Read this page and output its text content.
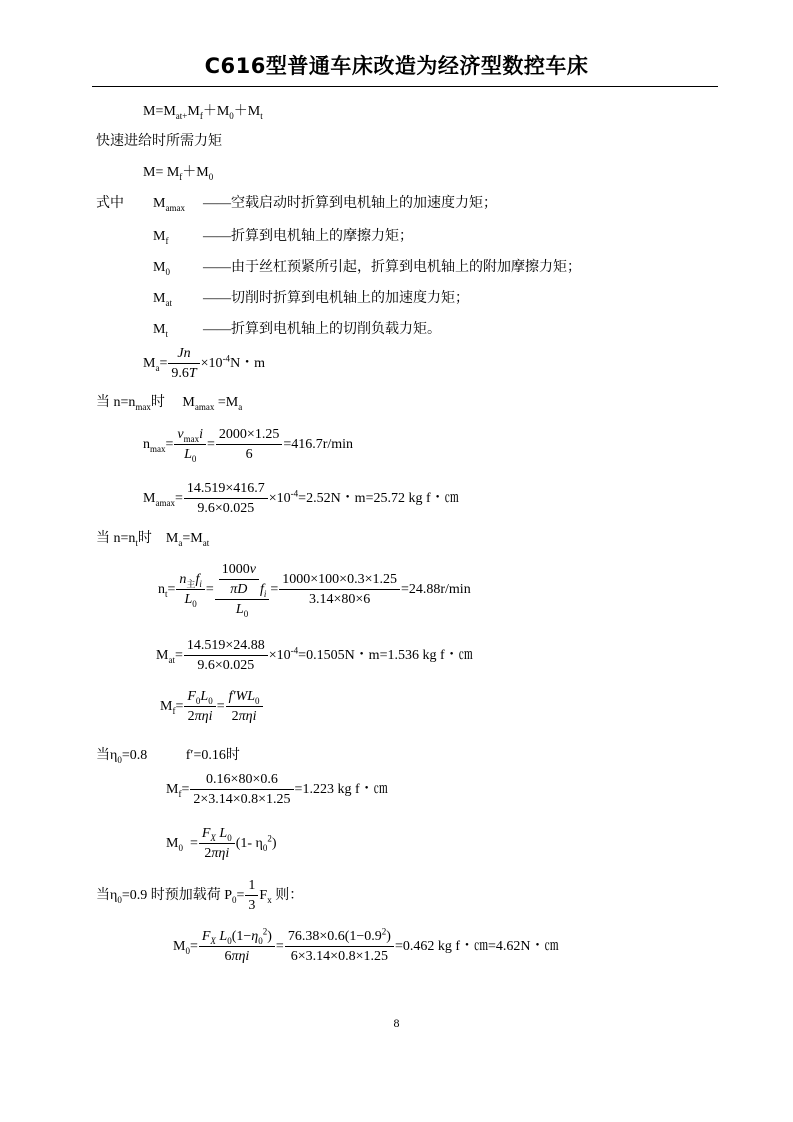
C616型普通车床改造为经济型数控车床
$M=M_{at+}M_f+M_0+M_t$
快速进给时所需力矩
$M= M_f+M_0$
式中 $M_{amax}$ ——空载启动时折算到电机轴上的加速度力矩；
$M_f$ ——折算到电机轴上的摩擦力矩；
$M_0$ ——由于丝杠预紧所引起，折算到电机轴上的附加摩擦力矩；
$M_{at}$ ——切削时折算到电机轴上的加速度力矩；
$M_t$	——折算到电机轴上的切削负载力矩。
$M_a= \frac{Jn}{9.6T} \times 10^{-4}N$・m
当 $n=n_{max}$时     $M_{amax} =M_a$
$n_{max}= \frac{v_{max}i}{L_0} = \frac{2000\times 1.25}{6} =416.7r/\min$
$M_{amax}= \frac{14.519\times 416.7}{9.6\times 0.025} \times 10^{-4}=2.52N$・m=25.72 kg f・㎝
当 $n=n_t$时    $M_a=M_{at}$
$n_t= \frac{n_主f_i}{L_0} = \frac{\frac{1000v}{\pi D} f_i}{L_0} = \frac{1000\times 100\times 0.3\times 1.25}{3.14\times 80\times 6} =24.88r/\min$
$M_{at}= \frac{14.519\times 24.88}{9.6\times 0.025} \times 10^{-4}=0.1505N$・m=1.536 kg f・㎝
$M_f= \frac{F_0L_0}{\text{2πηi}} = \frac{f'WL_0}{\text{2πηi}}$
当$\eta_0=0.8$	f′=0.16时
$M_f= \frac{0.16\times 80\times 0.6}{2\times 3.14\times 0.8\times 1.25} =1.223$ kg f・㎝
$M_0 = \frac{F_X L_0}{\text{2πηi}} (1-$ $\eta_0^2$)
当$\eta_0=0.9$ 时预加载荷 $P_0= \frac{1}{3} F_x$ 则：
$M_0= \frac{F_X L_0(1-\eta_0^2)}{\text{6πηi}} = \frac{76.38\times 0.6(1-0.9^2)}{6\times 3.14\times 0.8\times 1.25} =0.462$ kg f・㎝=4.62N・㎝
8
